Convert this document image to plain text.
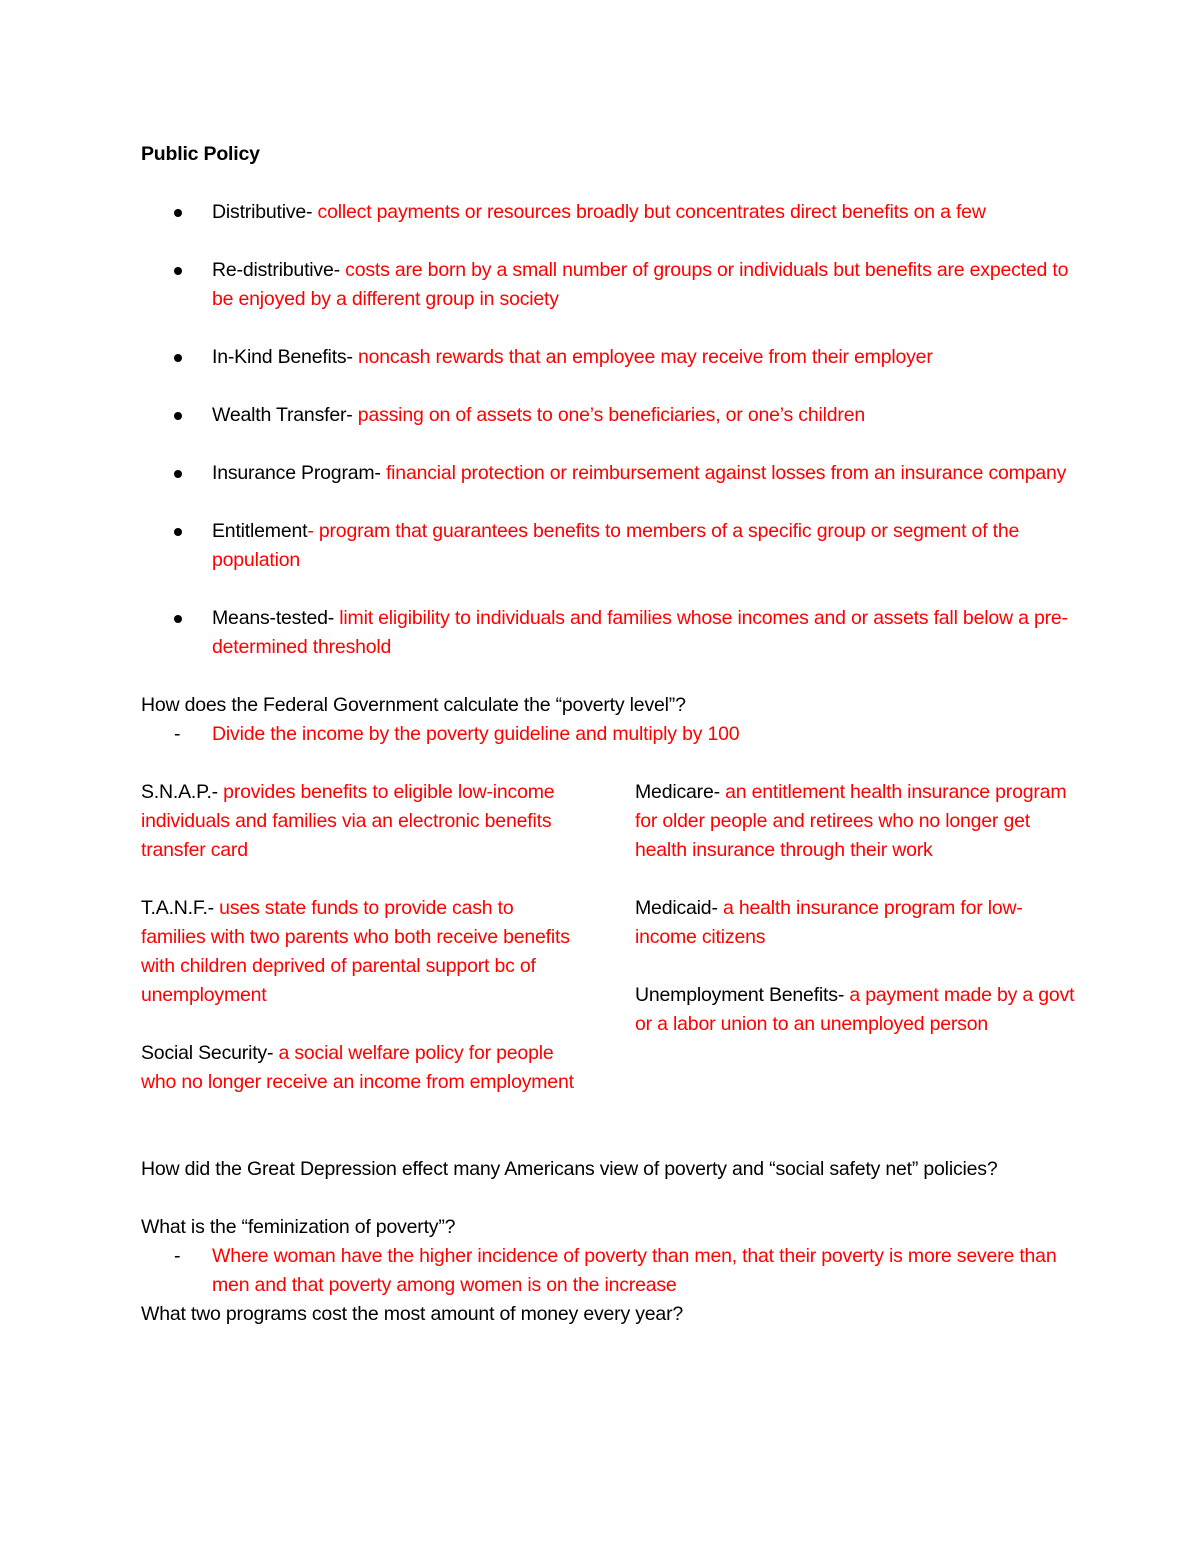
Public Policy

Distributive- collect payments or resources broadly but concentrates direct benefits on a few
Re-distributive- costs are born by a small number of groups or individuals but benefits are expected to be enjoyed by a different group in society
In-Kind Benefits- noncash rewards that an employee may receive from their employer
Wealth Transfer- passing on of assets to one’s beneficiaries, or one’s children
Insurance Program- financial protection or reimbursement against losses from an insurance company
Entitlement- program that guarantees benefits to members of a specific group or segment of the population
Means-tested- limit eligibility to individuals and families whose incomes and or assets fall below a pre-determined threshold

How does the Federal Government calculate the “poverty level”?

- Divide the income by the poverty guideline and multiply by 100

S.N.A.P.- provides benefits to eligible low-income individuals and families via an electronic benefits transfer card

T.A.N.F.- uses state funds to provide cash to families with two parents who both receive benefits with children deprived of parental support bc of unemployment

Social Security- a social welfare policy for people who no longer receive an income from employment

Medicare- an entitlement health insurance program for older people and retirees who no longer get health insurance through their work

Medicaid- a health insurance program for low-income citizens

Unemployment Benefits- a payment made by a govt or a labor union to an unemployed person

How did the Great Depression effect many Americans view of poverty and “social safety net” policies?

What is the “feminization of poverty”?

- Where woman have the higher incidence of poverty than men, that their poverty is more severe than men and that poverty among women is on the increase

What two programs cost the most amount of money every year?
